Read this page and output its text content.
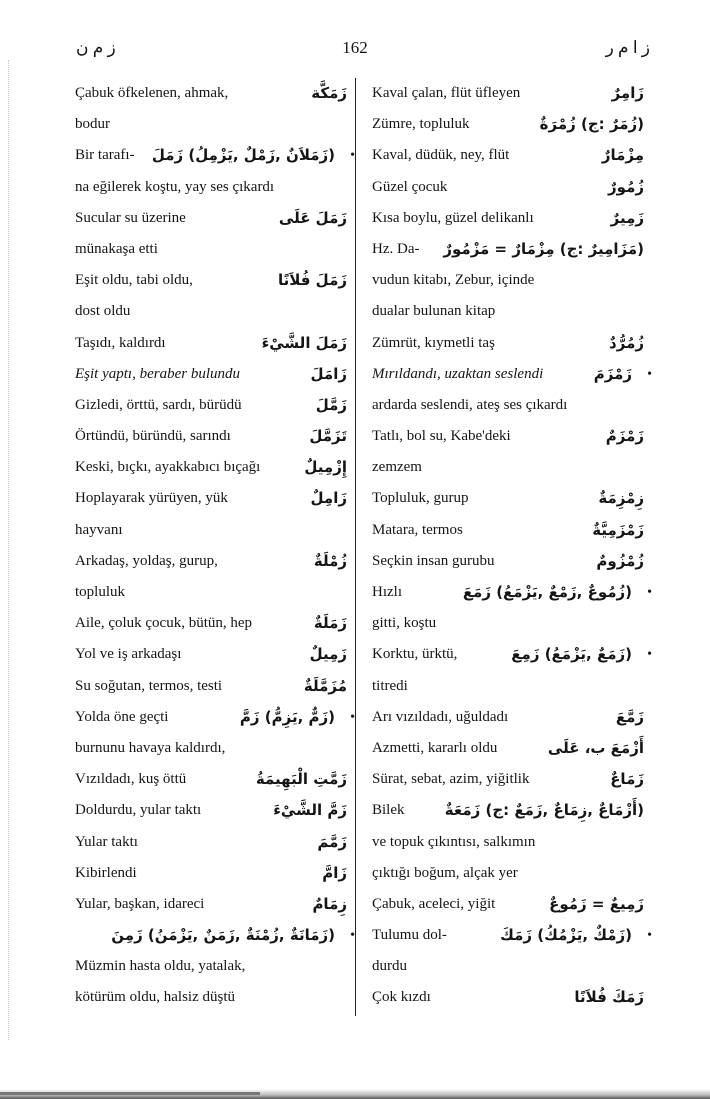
ز م ن	162	ز ا م ر
Çabuk öfkelenen, ahmak,	زَمَكَّة
bodur
Bir tarafı- (زَمَلاَنٌ ,زَمْلٌ ,يَزْمِلُ) زَمَلَ •
na eğilerek koştu, yay ses çıkardı
Sucular su üzerine	زَمَلَ عَلَى
münakaşa etti
Eşit oldu, tabi oldu,	زَمَلَ فُلاَنًا
dost oldu
Taşıdı, kaldırdı	زَمَلَ الشَّيْءَ
Eşit yaptı, beraber bulundu	زَامَلَ
Gizledi, örttü, sardı, bürüdü	زَمَّلَ
Örtündü, büründü, sarındı	تَزَمَّلَ
Keski, bıçkı, ayakkabıcı bıçağı	إِزْمِيلٌ
Hoplayarak yürüyen, yük	زَامِلٌ
hayvanı
Arkadaş, yoldaş, gurup,	زُمْلَةٌ
topluluk
Aile, çoluk çocuk, bütün, hep	زَمَلَةٌ
Yol ve iş arkadaşı	زَمِيلٌ
Su soğutan, termos, testi	مُزَمَّلَةٌ
Yolda öne geçti	(زَمٌّ ,يَزِمُّ) زَمَّ •
burnunu havaya kaldırdı,
Vızıldadı, kuş öttü	زَمَّتِ الْبَهِيمَةُ
Doldurdu, yular taktı	زَمَّ الشَّيْءَ
Yular taktı	زَمَّمَ
Kibirlendi	زَامَّ
Yular, başkan, idareci	زِمَامٌ
(زَمَانَةٌ ,زُمْنَةٌ ,زَمَنٌ ,يَزْمَنُ) زَمِنَ •
Müzmin hasta oldu, yatalak,
kötürüm oldu, halsiz düştü
Kaval çalan, flüt üfleyen	زَامِرٌ
Zümre, topluluk	(زُمَرٌ :ج) زُمْرَةٌ
Kaval, düdük, ney, flüt	مِزْمَارٌ
Güzel çocuk	زُمُورٌ
Kısa boylu, güzel delikanlı	زَمِيرٌ
Hz. Da- (مَزَامِيرٌ :ج) مِزْمَارٌ = مَزْمُورٌ
vudun kitabı, Zebur, içinde
dualar bulunan kitap
Zümrüt, kıymetli taş	زُمُرُّدٌ
Mırıldandı, uzaktan seslendi	زَمْزَمَ •
ardarda seslendi, ateş ses çıkardı
Tatlı, bol su, Kabe'deki	زَمْزَمٌ
zemzem
Topluluk, gurup	زِمْزِمَةٌ
Matara, termos	زَمْزَمِيَّةٌ
Seçkin insan gurubu	زُمْزُومٌ
Hızlı	(زُمُوعٌ ,زَمْعٌ ,يَزْمَعُ) زَمَعَ •
gitti, koştu
Korktu, ürktü,	(زَمَعٌ ,يَزْمَعُ) زَمِعَ •
titredi
Arı vızıldadı, uğuldadı	زَمَّعَ
Azmetti, kararlı oldu	أَزْمَعَ ب، عَلَى
Sürat, sebat, azim, yiğitlik	زَمَاعٌ
Bilek	(أَزْمَاعٌ ,زِمَاعٌ ,زَمَعٌ :ج) زَمَعَةٌ
ve topuk çıkıntısı, salkımın
çıktığı boğum, alçak yer
Çabuk, aceleci, yiğit	زَمِيعٌ = زَمُوعٌ
Tulumu dol-	(زَمْكٌ ,يَزْمُكُ) زَمَكَ •
durdu
Çok kızdı	زَمَكَ فُلاَنًا
